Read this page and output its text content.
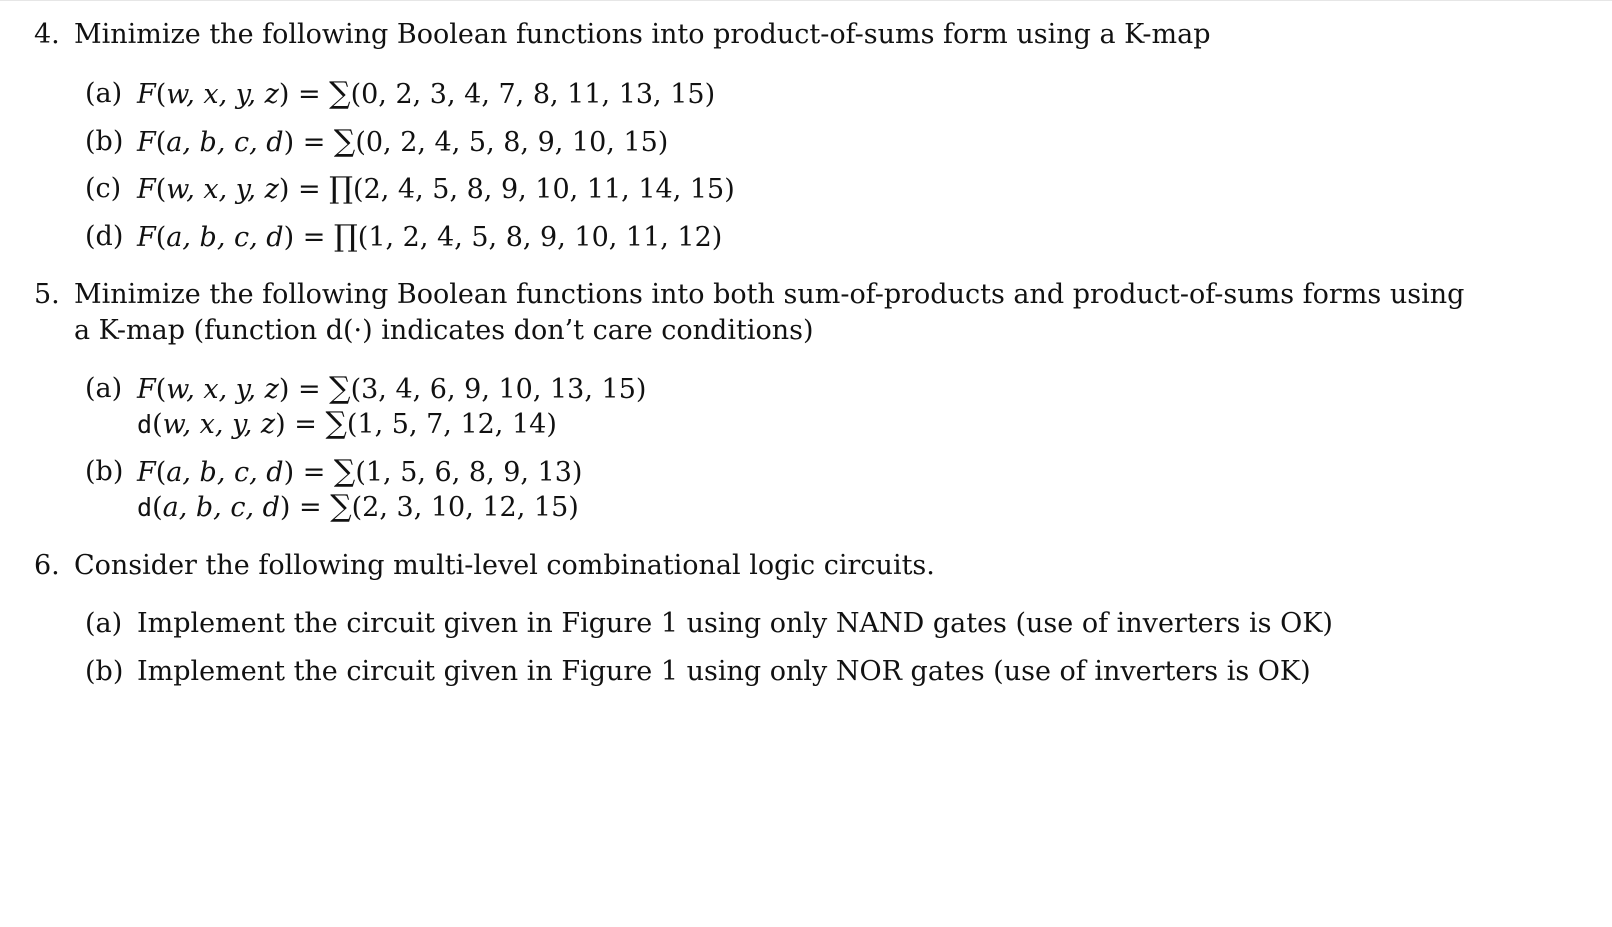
4. Minimize the following Boolean functions into product-of-sums form using a K-map
(a) F(w, x, y, z) = ∑(0, 2, 3, 4, 7, 8, 11, 13, 15)
(b) F(a, b, c, d) = ∑(0, 2, 4, 5, 8, 9, 10, 15)
(c) F(w, x, y, z) = ∏(2, 4, 5, 8, 9, 10, 11, 14, 15)
(d) F(a, b, c, d) = ∏(1, 2, 4, 5, 8, 9, 10, 11, 12)
5. Minimize the following Boolean functions into both sum-of-products and product-of-sums forms using
a K-map (function d(·) indicates don’t care conditions)
(a) F(w, x, y, z) = ∑(3, 4, 6, 9, 10, 13, 15)
d(w, x, y, z) = ∑(1, 5, 7, 12, 14)
(b) F(a, b, c, d) = ∑(1, 5, 6, 8, 9, 13)
d(a, b, c, d) = ∑(2, 3, 10, 12, 15)
6. Consider the following multi-level combinational logic circuits.
(a) Implement the circuit given in Figure 1 using only NAND gates (use of inverters is OK)
(b) Implement the circuit given in Figure 1 using only NOR gates (use of inverters is OK)
